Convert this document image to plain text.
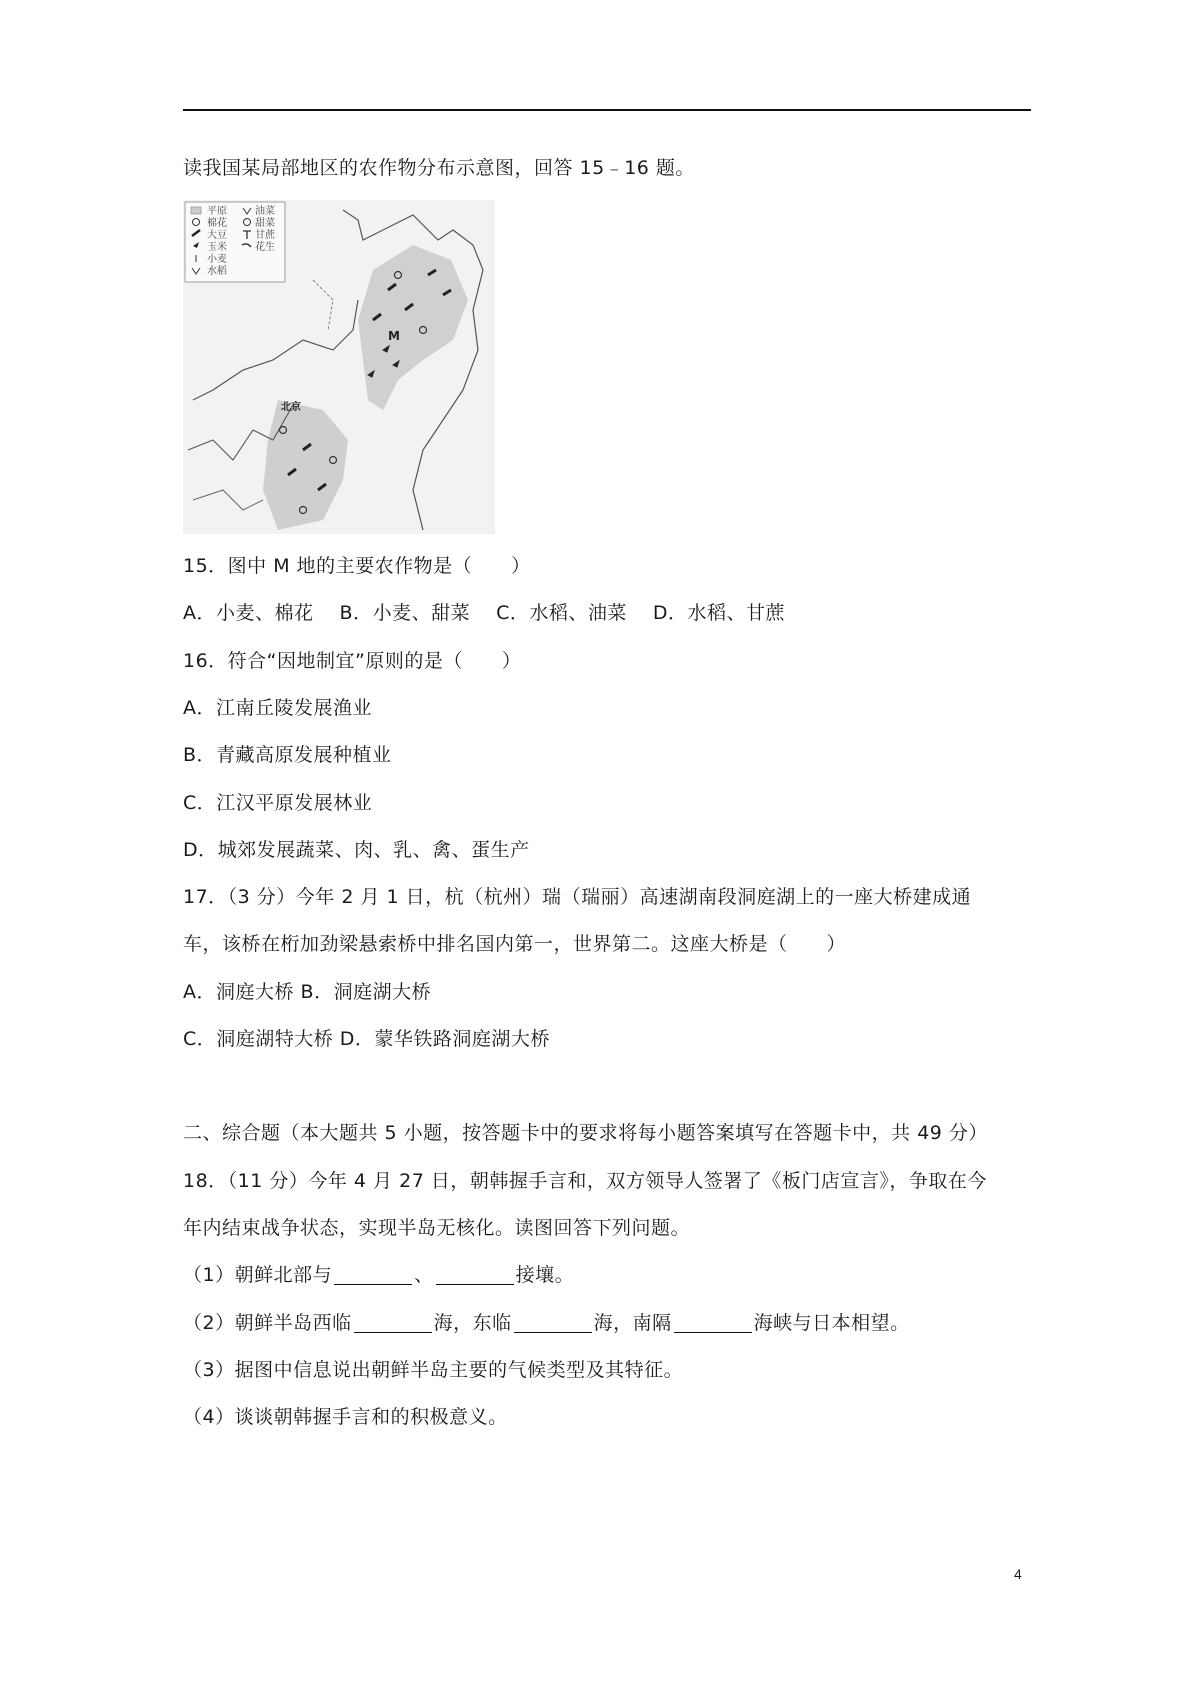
读我国某局部地区的农作物分布示意图，回答 15﹣16 题。
平原
棉花
大豆
玉米
小麦
水稻
油菜
甜菜
甘蔗
花生
M
北京
15．图中 M 地的主要农作物是（　　）
A．小麦、棉花　 B．小麦、甜菜　 C．水稻、油菜　 D．水稻、甘蔗
16．符合“因地制宜”原则的是（　　）
A．江南丘陵发展渔业
B．青藏高原发展种植业
C．江汉平原发展林业
D．城郊发展蔬菜、肉、乳、禽、蛋生产
17．（3 分）今年 2 月 1 日，杭（杭州）瑞（瑞丽）高速湖南段洞庭湖上的一座大桥建成通
车，该桥在桁加劲梁悬索桥中排名国内第一，世界第二。这座大桥是（　　）
A．洞庭大桥 B．洞庭湖大桥
C．洞庭湖特大桥 D．蒙华铁路洞庭湖大桥
二、综合题（本大题共 5 小题，按答题卡中的要求将每小题答案填写在答题卡中，共 49 分）
18．（11 分）今年 4 月 27 日，朝韩握手言和，双方领导人签署了《板门店宣言》，争取在今
年内结束战争状态，实现半岛无核化。读图回答下列问题。
（1）朝鲜北部与	、	接壤。
（2）朝鲜半岛西临	海，东临	海，南隔	海峡与日本相望。
（3）据图中信息说出朝鲜半岛主要的气候类型及其特征。
（4）谈谈朝韩握手言和的积极意义。
4
